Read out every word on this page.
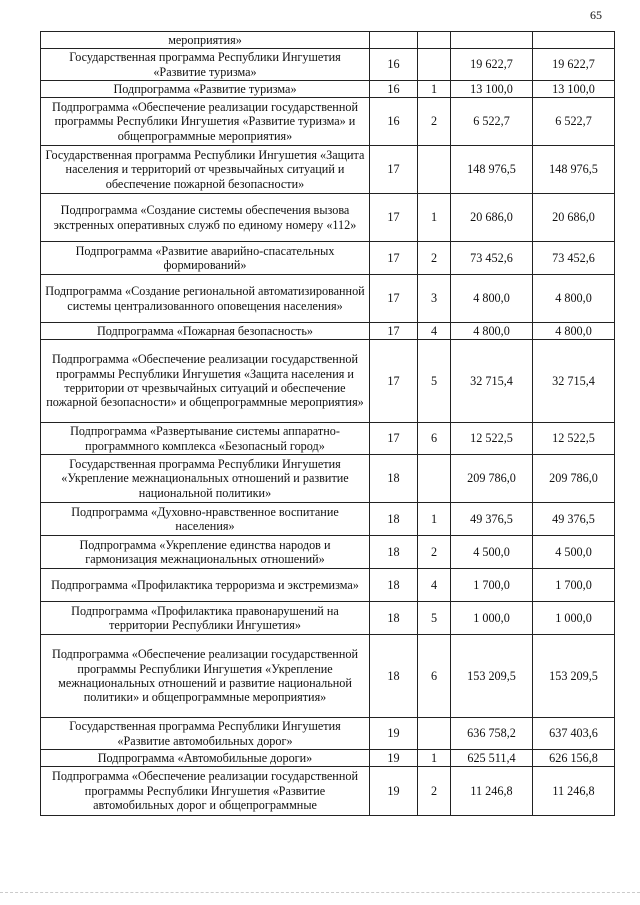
65
мероприятия»				
Государственная программа Республики Ингушетия «Развитие туризма»	16		19 622,7	19 622,7
Подпрограмма «Развитие туризма»	16	1	13 100,0	13 100,0
Подпрограмма «Обеспечение реализации государственной программы Республики Ингушетия «Развитие туризма» и общепрограммные мероприятия»	16	2	6 522,7	6 522,7
Государственная программа Республики Ингушетия «Защита населения и территорий от чрезвычайных ситуаций и обеспечение пожарной безопасности»	17		148 976,5	148 976,5
Подпрограмма «Создание системы обеспечения вызова экстренных оперативных служб по единому номеру «112»	17	1	20 686,0	20 686,0
Подпрограмма «Развитие аварийно-спасательных формирований»	17	2	73 452,6	73 452,6
Подпрограмма «Создание региональной автоматизированной системы централизованного оповещения населения»	17	3	4 800,0	4 800,0
Подпрограмма «Пожарная безопасность»	17	4	4 800,0	4 800,0
Подпрограмма «Обеспечение реализации государственной программы Республики Ингушетия «Защита населения и территории от чрезвычайных ситуаций и обеспечение пожарной безопасности» и общепрограммные мероприятия»	17	5	32 715,4	32 715,4
Подпрограмма «Развертывание системы аппаратно-программного комплекса «Безопасный город»	17	6	12 522,5	12 522,5
Государственная программа Республики Ингушетия «Укрепление межнациональных отношений и развитие национальной политики»	18		209 786,0	209 786,0
Подпрограмма «Духовно-нравственное воспитание населения»	18	1	49 376,5	49 376,5
Подпрограмма «Укрепление единства народов и гармонизация межнациональных отношений»	18	2	4 500,0	4 500,0
Подпрограмма «Профилактика терроризма и экстремизма»	18	4	1 700,0	1 700,0
Подпрограмма «Профилактика правонарушений на территории Республики Ингушетия»	18	5	1 000,0	1 000,0
Подпрограмма «Обеспечение реализации государственной программы Республики Ингушетия «Укрепление межнациональных отношений и развитие национальной политики» и общепрограммные мероприятия»	18	6	153 209,5	153 209,5
Государственная программа Республики Ингушетия «Развитие автомобильных дорог»	19		636 758,2	637 403,6
Подпрограмма «Автомобильные дороги»	19	1	625 511,4	626 156,8
Подпрограмма «Обеспечение реализации государственной программы Республики Ингушетия «Развитие автомобильных дорог и общепрограммные	19	2	11 246,8	11 246,8
